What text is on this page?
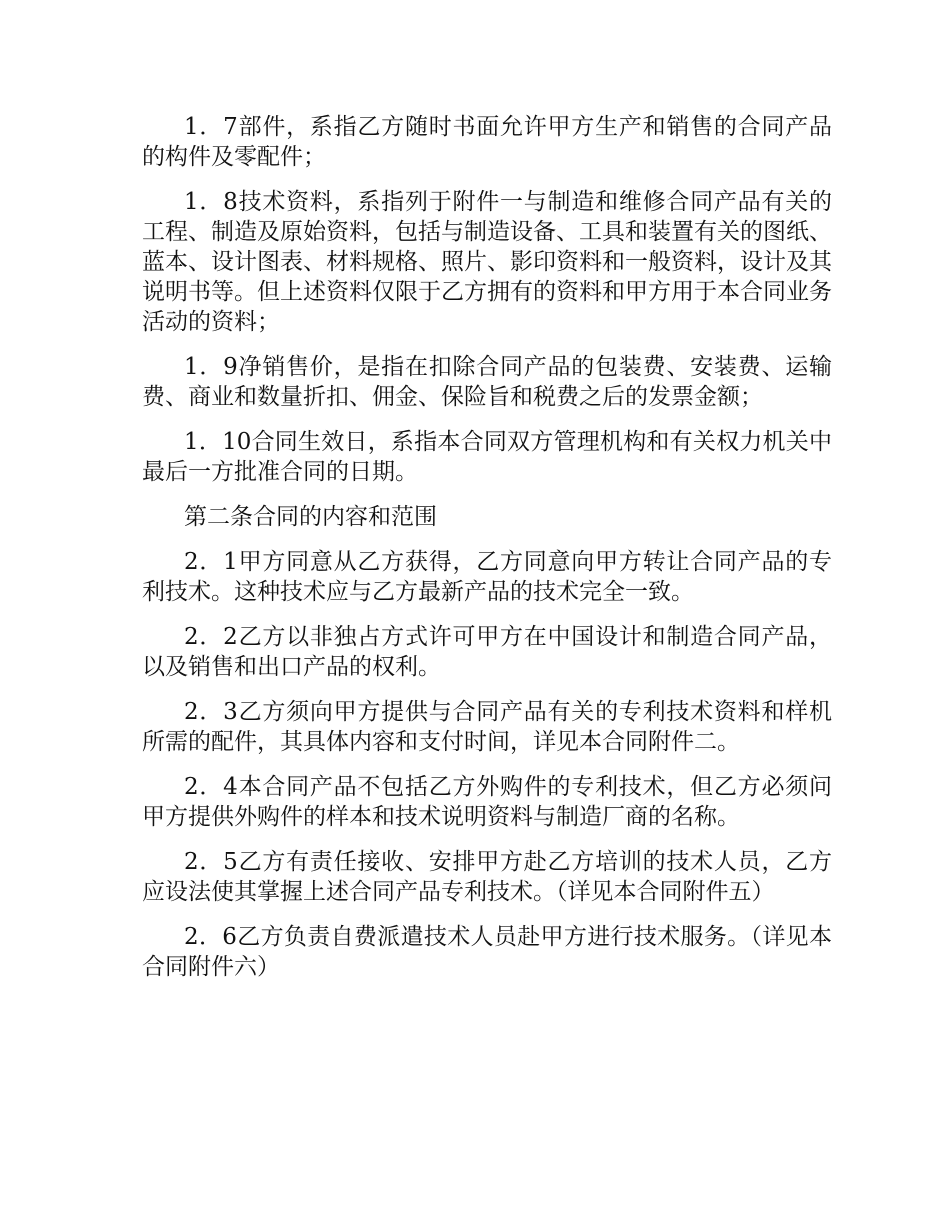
1．7部件，系指乙方随时书面允许甲方生产和销售的合同产品的构件及零配件；

1．8技术资料，系指列于附件一与制造和维修合同产品有关的工程、制造及原始资料，包括与制造设备、工具和装置有关的图纸、蓝本、设计图表、材料规格、照片、影印资料和一般资料，设计及其说明书等。但上述资料仅限于乙方拥有的资料和甲方用于本合同业务活动的资料；

1．9净销售价，是指在扣除合同产品的包装费、安装费、运输费、商业和数量折扣、佣金、保险旨和税费之后的发票金额；

1．10合同生效日，系指本合同双方管理机构和有关权力机关中最后一方批准合同的日期。

第二条合同的内容和范围

2．1甲方同意从乙方获得，乙方同意向甲方转让合同产品的专利技术。这种技术应与乙方最新产品的技术完全一致。

2．2乙方以非独占方式许可甲方在中国设计和制造合同产品，以及销售和出口产品的权利。

2．3乙方须向甲方提供与合同产品有关的专利技术资料和样机所需的配件，其具体内容和支付时间，详见本合同附件二。

2．4本合同产品不包括乙方外购件的专利技术，但乙方必须问甲方提供外购件的样本和技术说明资料与制造厂商的名称。

2．5乙方有责任接收、安排甲方赴乙方培训的技术人员，乙方应设法使其掌握上述合同产品专利技术。（详见本合同附件五）

2．6乙方负责自费派遣技术人员赴甲方进行技术服务。（详见本合同附件六）
